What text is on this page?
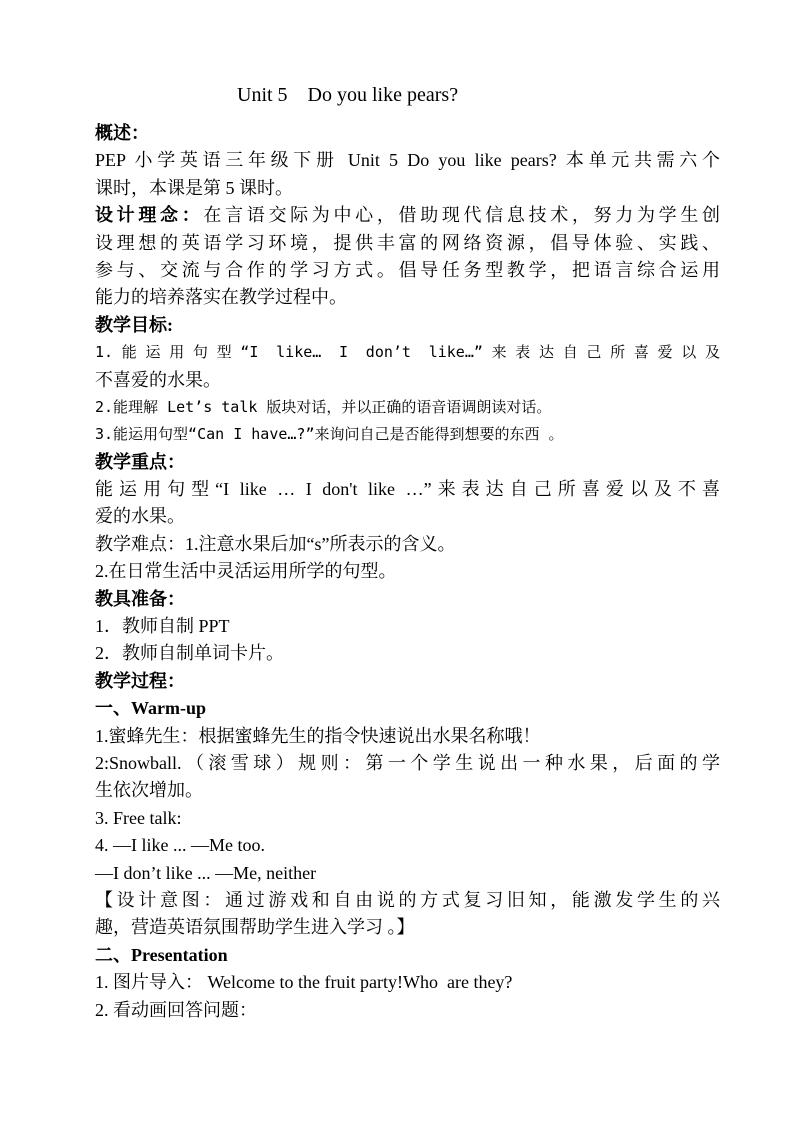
Unit 5    Do you like pears?
概述：
PEP 小学英语三年级下册 Unit 5 Do you like pears? 本单元共需六个
课时，本课是第 5 课时。
设计理念：在言语交际为中心，借助现代信息技术，努力为学生创
设理想的英语学习环境，提供丰富的网络资源，倡导体验、实践、
参与、交流与合作的学习方式。倡导任务型教学，把语言综合运用
能力的培养落实在教学过程中。
教学目标:
1.能运用句型“I like… I don’t like…”来表达自己所喜爱以及
不喜爱的水果。
2.能理解 Let’s talk 版块对话，并以正确的语音语调朗读对话。
3.能运用句型“Can I have…?”来询问自己是否能得到想要的东西 。
教学重点：
能运用句型“I like … I don't like …”来表达自己所喜爱以及不喜
爱的水果。
教学难点：1.注意水果后加“s”所表示的含义。
2.在日常生活中灵活运用所学的句型。
教具准备：
1．教师自制 PPT
2．教师自制单词卡片。
教学过程：
一、Warm-up
1.蜜蜂先生：根据蜜蜂先生的指令快速说出水果名称哦！
2:Snowball.（滚雪球）规则：第一个学生说出一种水果，后面的学
生依次增加。
3. Free talk:
4. —I like ... —Me too.
—I don’t like ... —Me, neither
【设计意图：通过游戏和自由说的方式复习旧知，能激发学生的兴
趣，营造英语氛围帮助学生进入学习 。】
二、Presentation
1. 图片导入： Welcome to the fruit party!Who  are they?
2. 看动画回答问题：
